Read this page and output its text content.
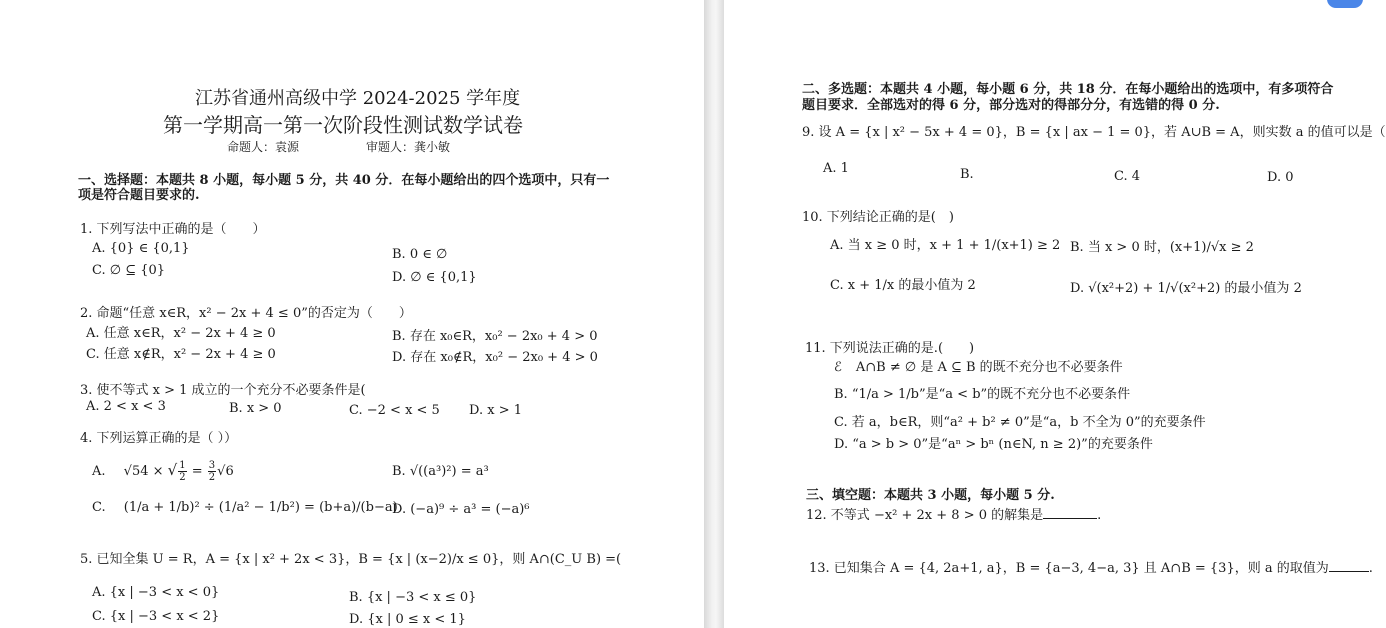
江苏省通州高级中学 2024-2025 学年度
第一学期高一第一次阶段性测试数学试卷
命题人：袁源	审题人：龚小敏
一、选择题：本题共 8 小题，每小题 5 分，共 40 分．在每小题给出的四个选项中，只有一
项是符合题目要求的.
1. 下列写法中正确的是（　　）
A. {0} ∈ {0,1}	B. 0 ∈ ∅
C. ∅ ⊆ {0}	D. ∅ ∈ {0,1}
2. 命题“任意 x∈R，x² − 2x + 4 ≤ 0”的否定为（　　）
A. 任意 x∈R，x² − 2x + 4 ≥ 0	B. 存在 x₀∈R，x₀² − 2x₀ + 4 > 0
C. 任意 x∉R，x² − 2x + 4 ≥ 0	D. 存在 x₀∉R，x₀² − 2x₀ + 4 > 0
3. 使不等式 x > 1 成立的一个充分不必要条件是(
A. 2 < x < 3	B. x > 0	C. −2 < x < 5 D. x > 1
4. 下列运算正确的是（ ））
A. √54 × √ $\frac{1}{2} = \frac{3}{2} √6$	B. √((a³)²) = a³
C. (1/a + 1/b)² ÷ (1/a² − 1/b²) = (b+a)/(b−a)
D. (−a)⁹ ÷ a³ = (−a)⁶
5. 已知全集 U = R，A = {x | x² + 2x < 3}，B = {x | (x−2)/x ≤ 0}，则 A∩(C_U B) =(
A. {x | −3 < x < 0}	B. {x | −3 < x ≤ 0}
C. {x | −3 < x < 2}	D. {x | 0 ≤ x < 1}
二、多选题：本题共 4 小题，每小题 6 分，共 18 分．在每小题给出的选项中，有多项符合
题目要求．全部选对的得 6 分，部分选对的得部分分，有选错的得 0 分.
9. 设 A = {x | x² − 5x + 4 = 0}，B = {x | ax − 1 = 0}，若 A∪B = A，则实数 a 的值可以是（
A. 1	B.	C. 4	D. 0
10. 下列结论正确的是(　)
A. 当 x ≥ 0 时，x + 1 + 1/(x+1) ≥ 2 B. 当 x > 0 时，(x+1)/√x ≥ 2
C. x + 1/x 的最小值为 2	D. √(x²+2) + 1/√(x²+2) 的最小值为 2
11. 下列说法正确的是.(　　)
ℰ A∩B ≠ ∅ 是 A ⊆ B 的既不充分也不必要条件
B. “1/a > 1/b”是“a < b”的既不充分也不必要条件
C. 若 a，b∈R，则“a² + b² ≠ 0”是“a，b 不全为 0”的充要条件
D. “a > b > 0”是“aⁿ > bⁿ (n∈N, n ≥ 2)”的充要条件
三、填空题：本题共 3 小题，每小题 5 分.
12. 不等式 −x² + 2x + 8 > 0 的解集是	.
13. 已知集合 A = {4, 2a+1, a}，B = {a−3, 4−a, 3} 且 A∩B = {3}，则 a 的取值为	.
